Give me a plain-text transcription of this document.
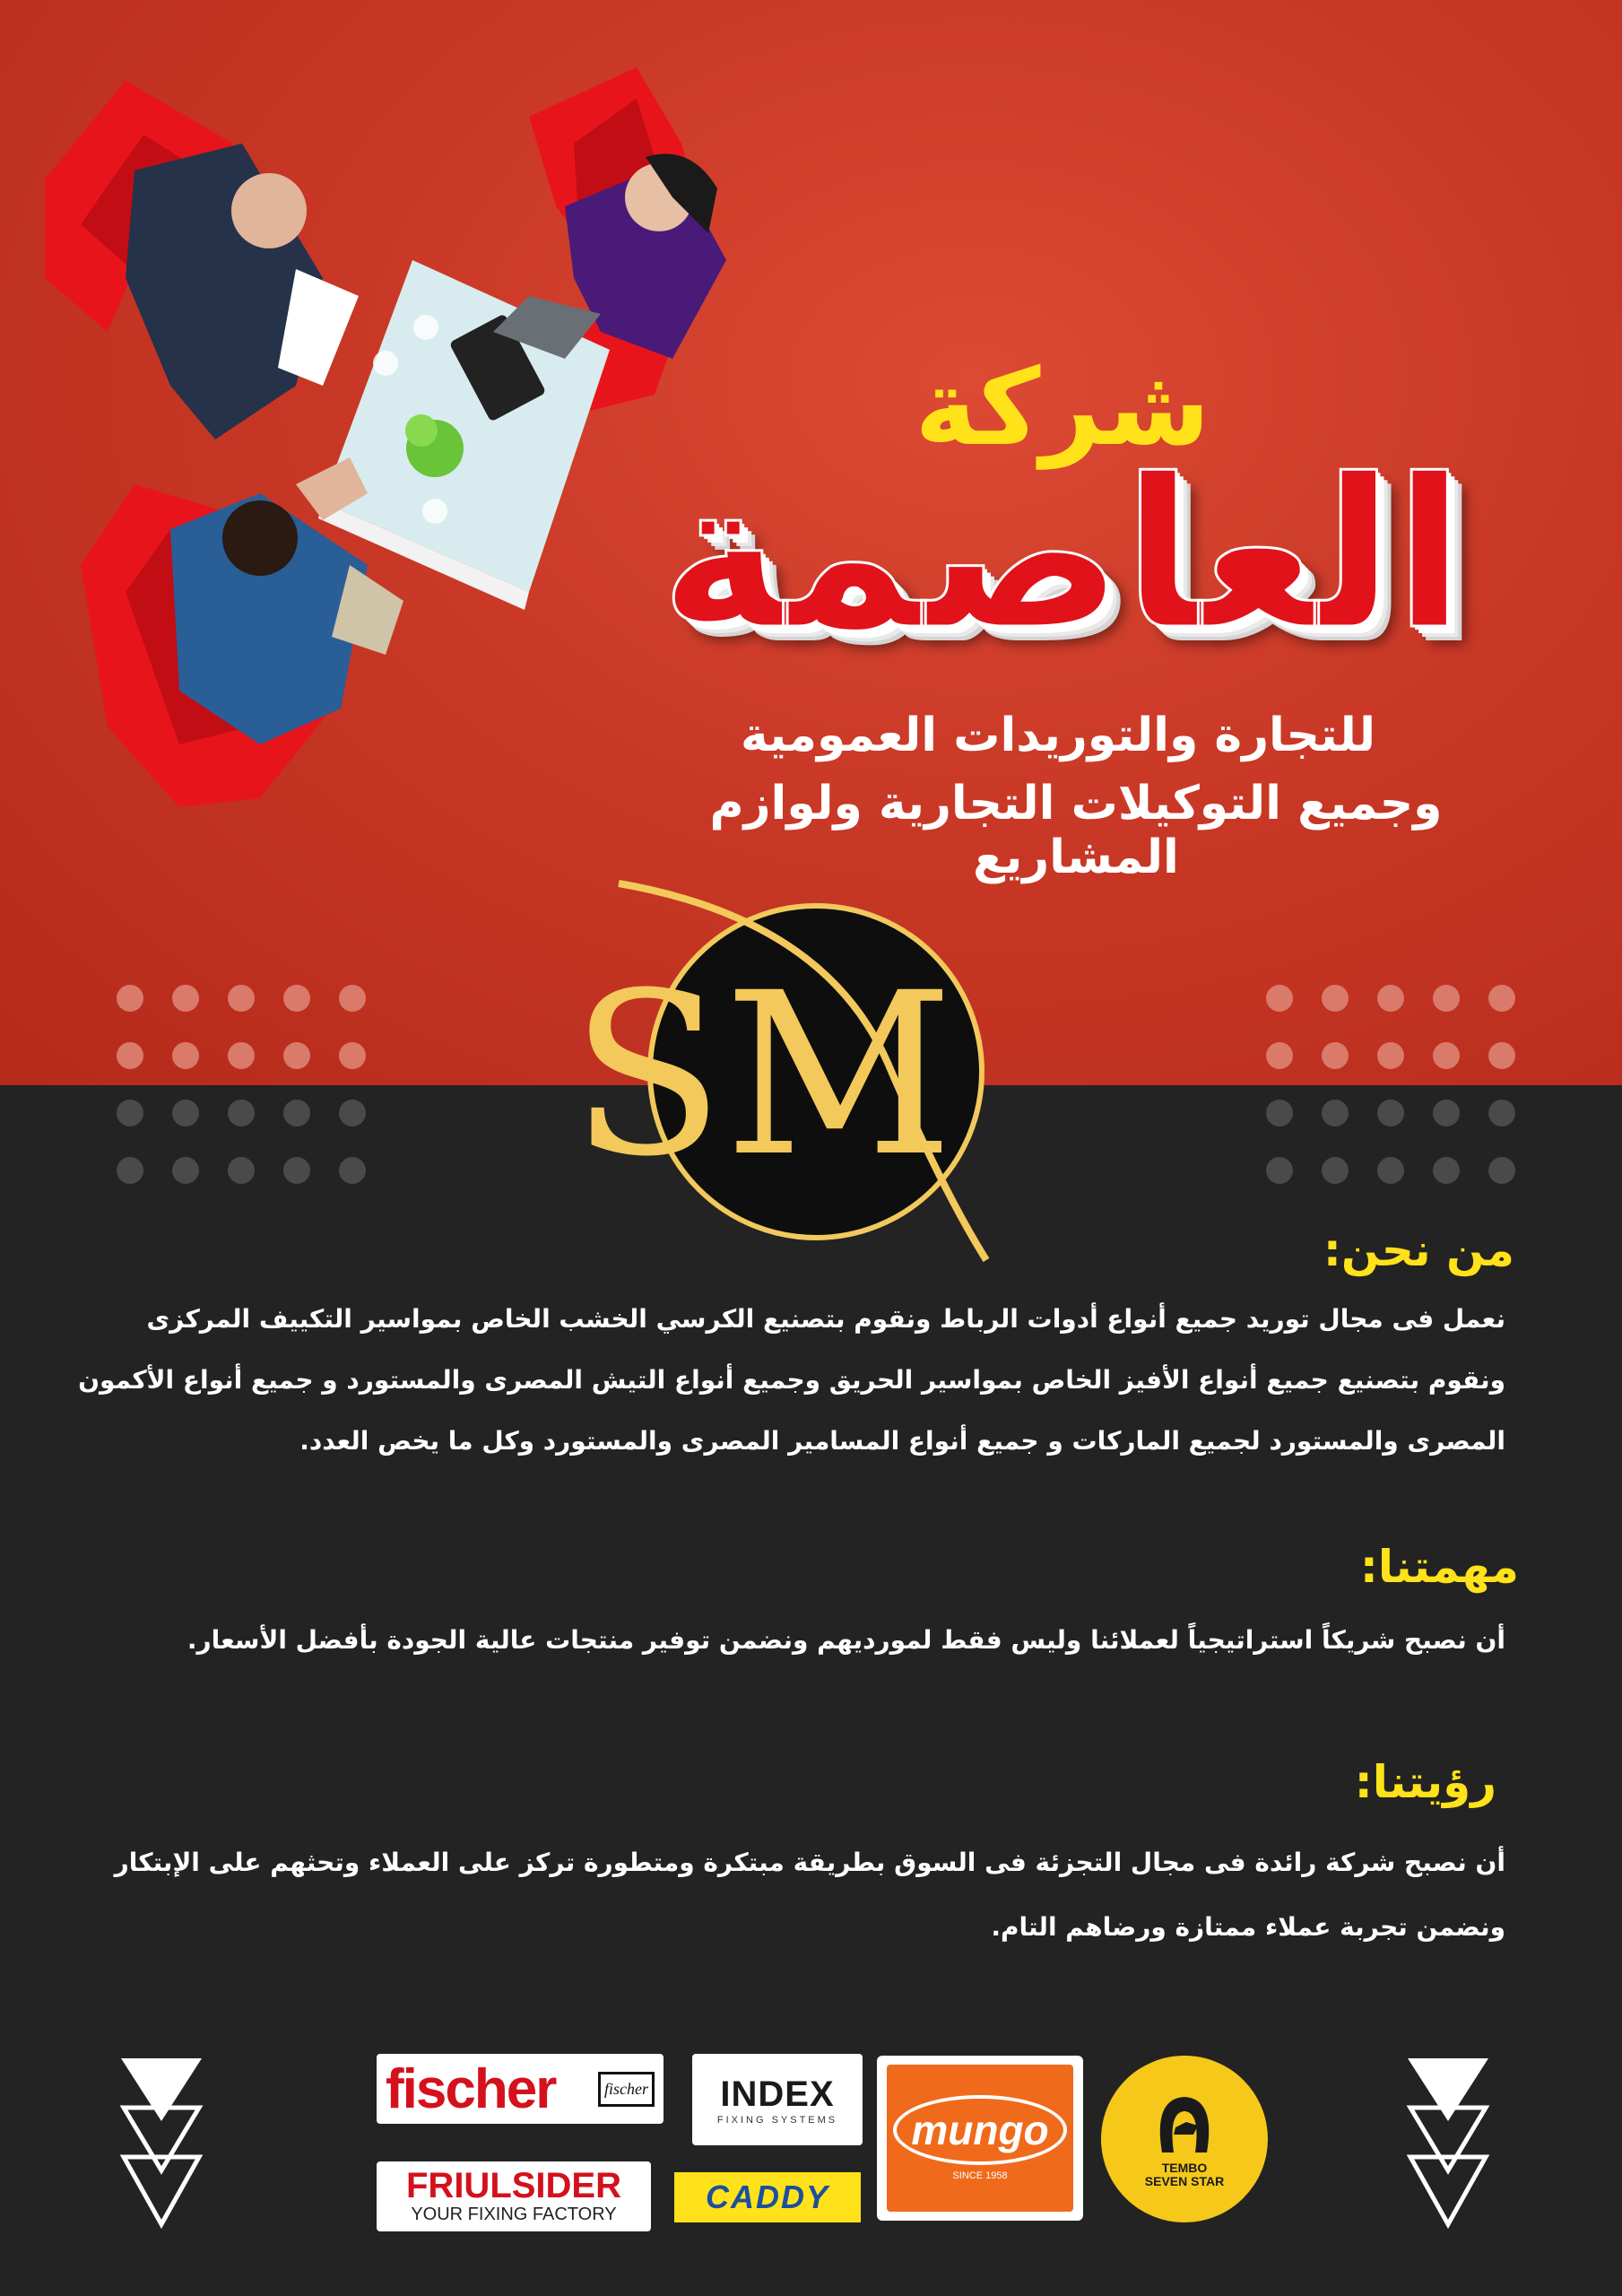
شركة
العاصمة
للتجارة والتوريدات العمومية
وجميع التوكيلات التجارية ولوازم المشاريع
SM
من نحن:
نعمل فى مجال توريد جميع أنواع أدوات الرباط ونقوم بتصنيع الكرسي الخشب الخاص بمواسير التكييف المركزى
ونقوم بتصنيع جميع أنواع الأفيز الخاص بمواسير الحريق وجميع أنواع التيش المصرى والمستورد و جميع أنواع الأكمون
المصرى والمستورد لجميع الماركات و جميع أنواع المسامير المصرى والمستورد وكل ما يخص العدد.
مهمتنا:
أن نصبح شريكاً استراتيجياً لعملائنا وليس فقط لمورديهم ونضمن توفير منتجات عالية الجودة بأفضل الأسعار.
رؤيتنا:
أن نصبح شركة رائدة فى مجال التجزئة فى السوق بطريقة مبتكرة ومتطورة تركز على العملاء وتحثهم على الإبتكار
ونضمن تجربة عملاء ممتازة ورضاهم التام.
fischer	fischer
FRIULSIDER
YOUR FIXING FACTORY
INDEX
FIXING SYSTEMS
CADDY
mungo
SINCE 1958
TEMBO
SEVEN STAR
